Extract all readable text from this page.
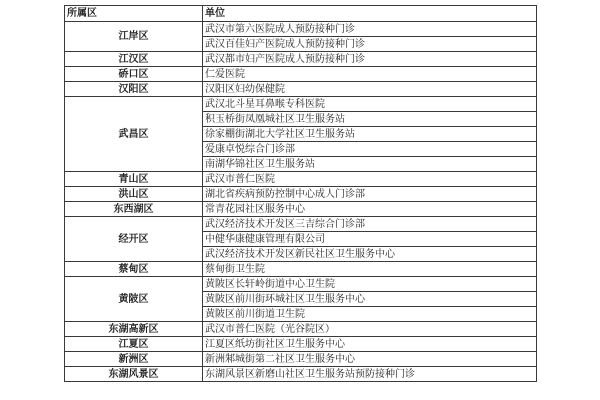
所属区	单位
江岸区	武汉市第六医院成人预防接种门诊
	武汉百佳妇产医院成人预防接种门诊
江汉区	武汉都市妇产医院成人预防接种门诊
硚口区	仁爱医院
汉阳区	汉阳区妇幼保健院
武昌区	武汉北斗星耳鼻喉专科医院
	积玉桥街凤凰城社区卫生服务站
	徐家棚街湖北大学社区卫生服务站
	爱康卓悦综合门诊部
	南湖华锦社区卫生服务站
青山区	武汉市普仁医院
洪山区	湖北省疾病预防控制中心成人门诊部
东西湖区	常青花园社区服务中心
经开区	武汉经济技术开发区三吉综合门诊部
	中健华康健康管理有限公司
	武汉经济技术开发区新民社区卫生服务中心
蔡甸区	蔡甸街卫生院
黄陂区	黄陂区长轩岭街道中心卫生院
	黄陂区前川街环城社区卫生服务中心
	黄陂区前川街道卫生院
东湖高新区	武汉市普仁医院（光谷院区）
江夏区	江夏区纸坊街社区卫生服务中心
新洲区	新洲邾城街第二社区卫生服务中心
东湖风景区	东湖风景区新磨山社区卫生服务站预防接种门诊
